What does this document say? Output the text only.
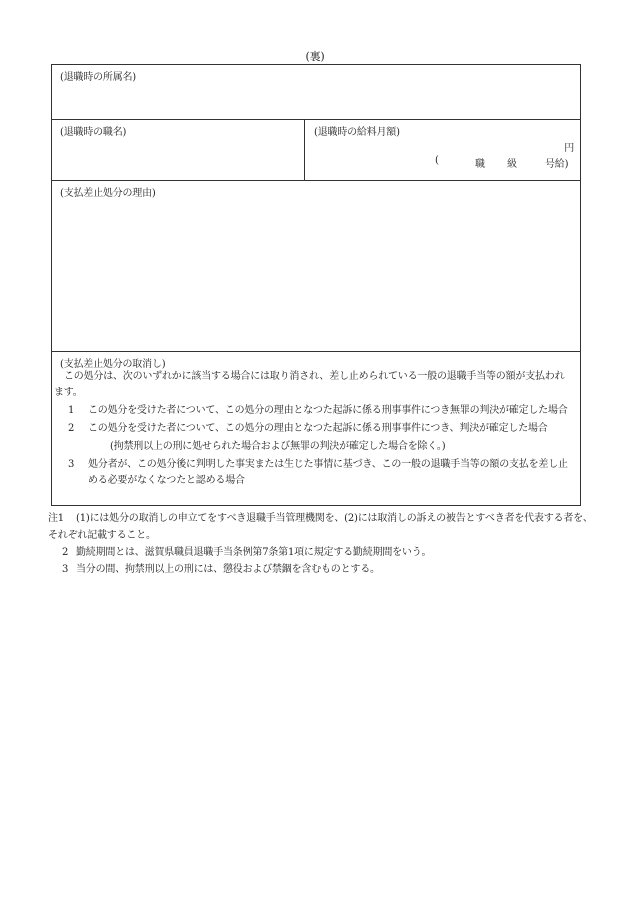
(裏)
(退職時の所属名)
(退職時の職名)	(退職時の給料月額)
円
(	職 級	号給)
(支払差止処分の理由)
(支払差止処分の取消し)

この処分は、次のいずれかに該当する場合には取り消され、差し止められている一般の退職手当等の額が支払われます。

1 この処分を受けた者について、この処分の理由となつた起訴に係る刑事事件につき無罪の判決が確定した場合
2 この処分を受けた者について、この処分の理由となつた起訴に係る刑事事件につき、判決が確定した場合
(拘禁刑以上の刑に処せられた場合および無罪の判決が確定した場合を除く。)
3 処分者が、この処分後に判明した事実または生じた事情に基づき、この一般の退職手当等の額の支払を差し止める必要がなくなつたと認める場合
注1 (1)には処分の取消しの申立てをすべき退職手当管理機関を、(2)には取消しの訴えの被告とすべき者を代表する者を、それぞれ記載すること。
2 勤続期間とは、滋賀県職員退職手当条例第7条第1項に規定する勤続期間をいう。
3 当分の間、拘禁刑以上の刑には、懲役および禁錮を含むものとする。
